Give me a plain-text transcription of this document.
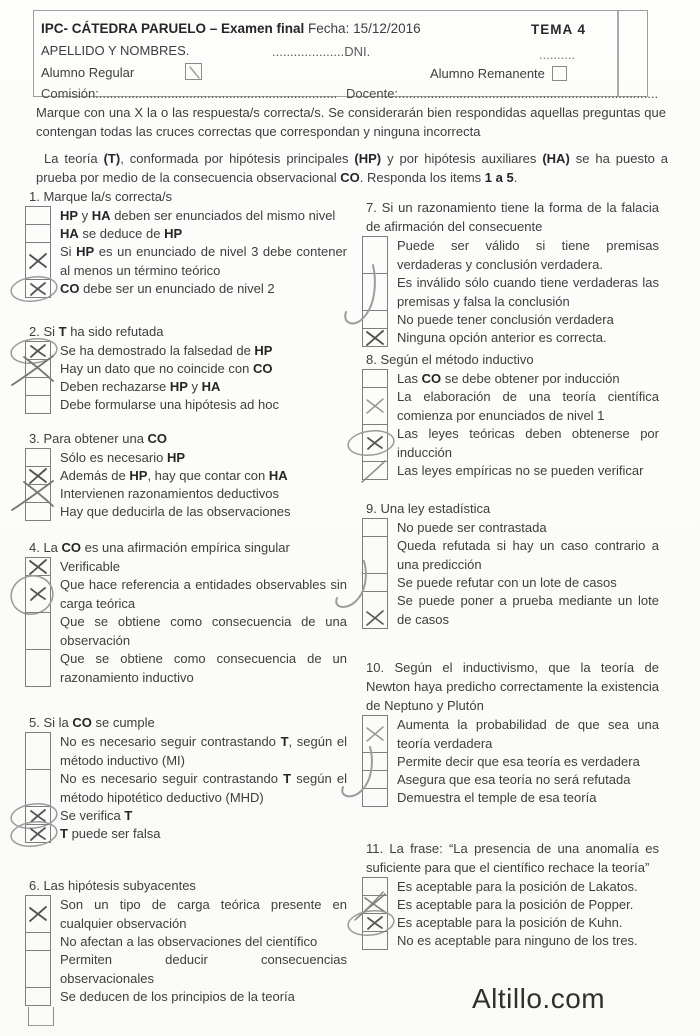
IPC- CÁTEDRA PARUELO – Examen final Fecha: 15/12/2016	TEMA 4
APELLIDO Y NOMBRES.	....................DNI.	..........
Alumno Regular	Alumno Remanente
Comisión:.................................................................. Docente:........................................................................
Marque con una X la o las respuesta/s correcta/s. Se considerarán bien respondidas aquellas preguntas que contengan todas las cruces correctas que correspondan y ninguna incorrecta
La teoría (T), conformada por hipótesis principales (HP) y por hipótesis auxiliares (HA) se ha puesto a prueba por medio de la consecuencia observacional CO. Responda los items 1 a 5.
1. Marque la/s correcta/s
HP y HA deben ser enunciados del mismo nivel
HA se deduce de HP
Si HP es un enunciado de nivel 3 debe contener al menos un término teórico
CO debe ser un enunciado de nivel 2
2. Si T ha sido refutada
Se ha demostrado la falsedad de HP
Hay un dato que no coincide con CO
Deben rechazarse HP y HA
Debe formularse una hipótesis ad hoc
3. Para obtener una CO
Sólo es necesario HP
Además de HP, hay que contar con HA
Intervienen razonamientos deductivos
Hay que deducirla de las observaciones
4. La CO es una afirmación empírica singular
Verificable
Que hace referencia a entidades observables sin carga teórica
Que se obtiene como consecuencia de una observación
Que se obtiene como consecuencia de un razonamiento inductivo
5. Si la CO se cumple
No es necesario seguir contrastando T, según el método inductivo (MI)
No es necesario seguir contrastando T según el método hipotético deductivo (MHD)
Se verifica T
T puede ser falsa
6. Las hipótesis subyacentes
Son un tipo de carga teórica presente en cualquier observación
No afectan a las observaciones del científico
Permiten deducir consecuencias observacionales
Se deducen de los principios de la teoría
7. Si un razonamiento tiene la forma de la falacia de afirmación del consecuente
Puede ser válido si tiene premisas verdaderas y conclusión verdadera.
Es inválido sólo cuando tiene verdaderas las premisas y falsa la conclusión
No puede tener conclusión verdadera
Ninguna opción anterior es correcta.
8. Según el método inductivo
Las CO se debe obtener por inducción
La elaboración de una teoría científica comienza por enunciados de nivel 1
Las leyes teóricas deben obtenerse por inducción
Las leyes empíricas no se pueden verificar
9. Una ley estadística
No puede ser contrastada
Queda refutada si hay un caso contrario a una predicción
Se puede refutar con un lote de casos
Se puede poner a prueba mediante un lote de casos
10. Según el inductivismo, que la teoría de Newton haya predicho correctamente la existencia de Neptuno y Plutón
Aumenta la probabilidad de que sea una teoría verdadera
Permite decir que esa teoría es verdadera
Asegura que esa teoría no será refutada
Demuestra el temple de esa teoría
11. La frase: “La presencia de una anomalía es suficiente para que el científico rechace la teoría”
Es aceptable para la posición de Lakatos.
Es aceptable para la posición de Popper.
Es aceptable para la posición de Kuhn.
No es aceptable para ninguno de los tres.
Altillo.com
